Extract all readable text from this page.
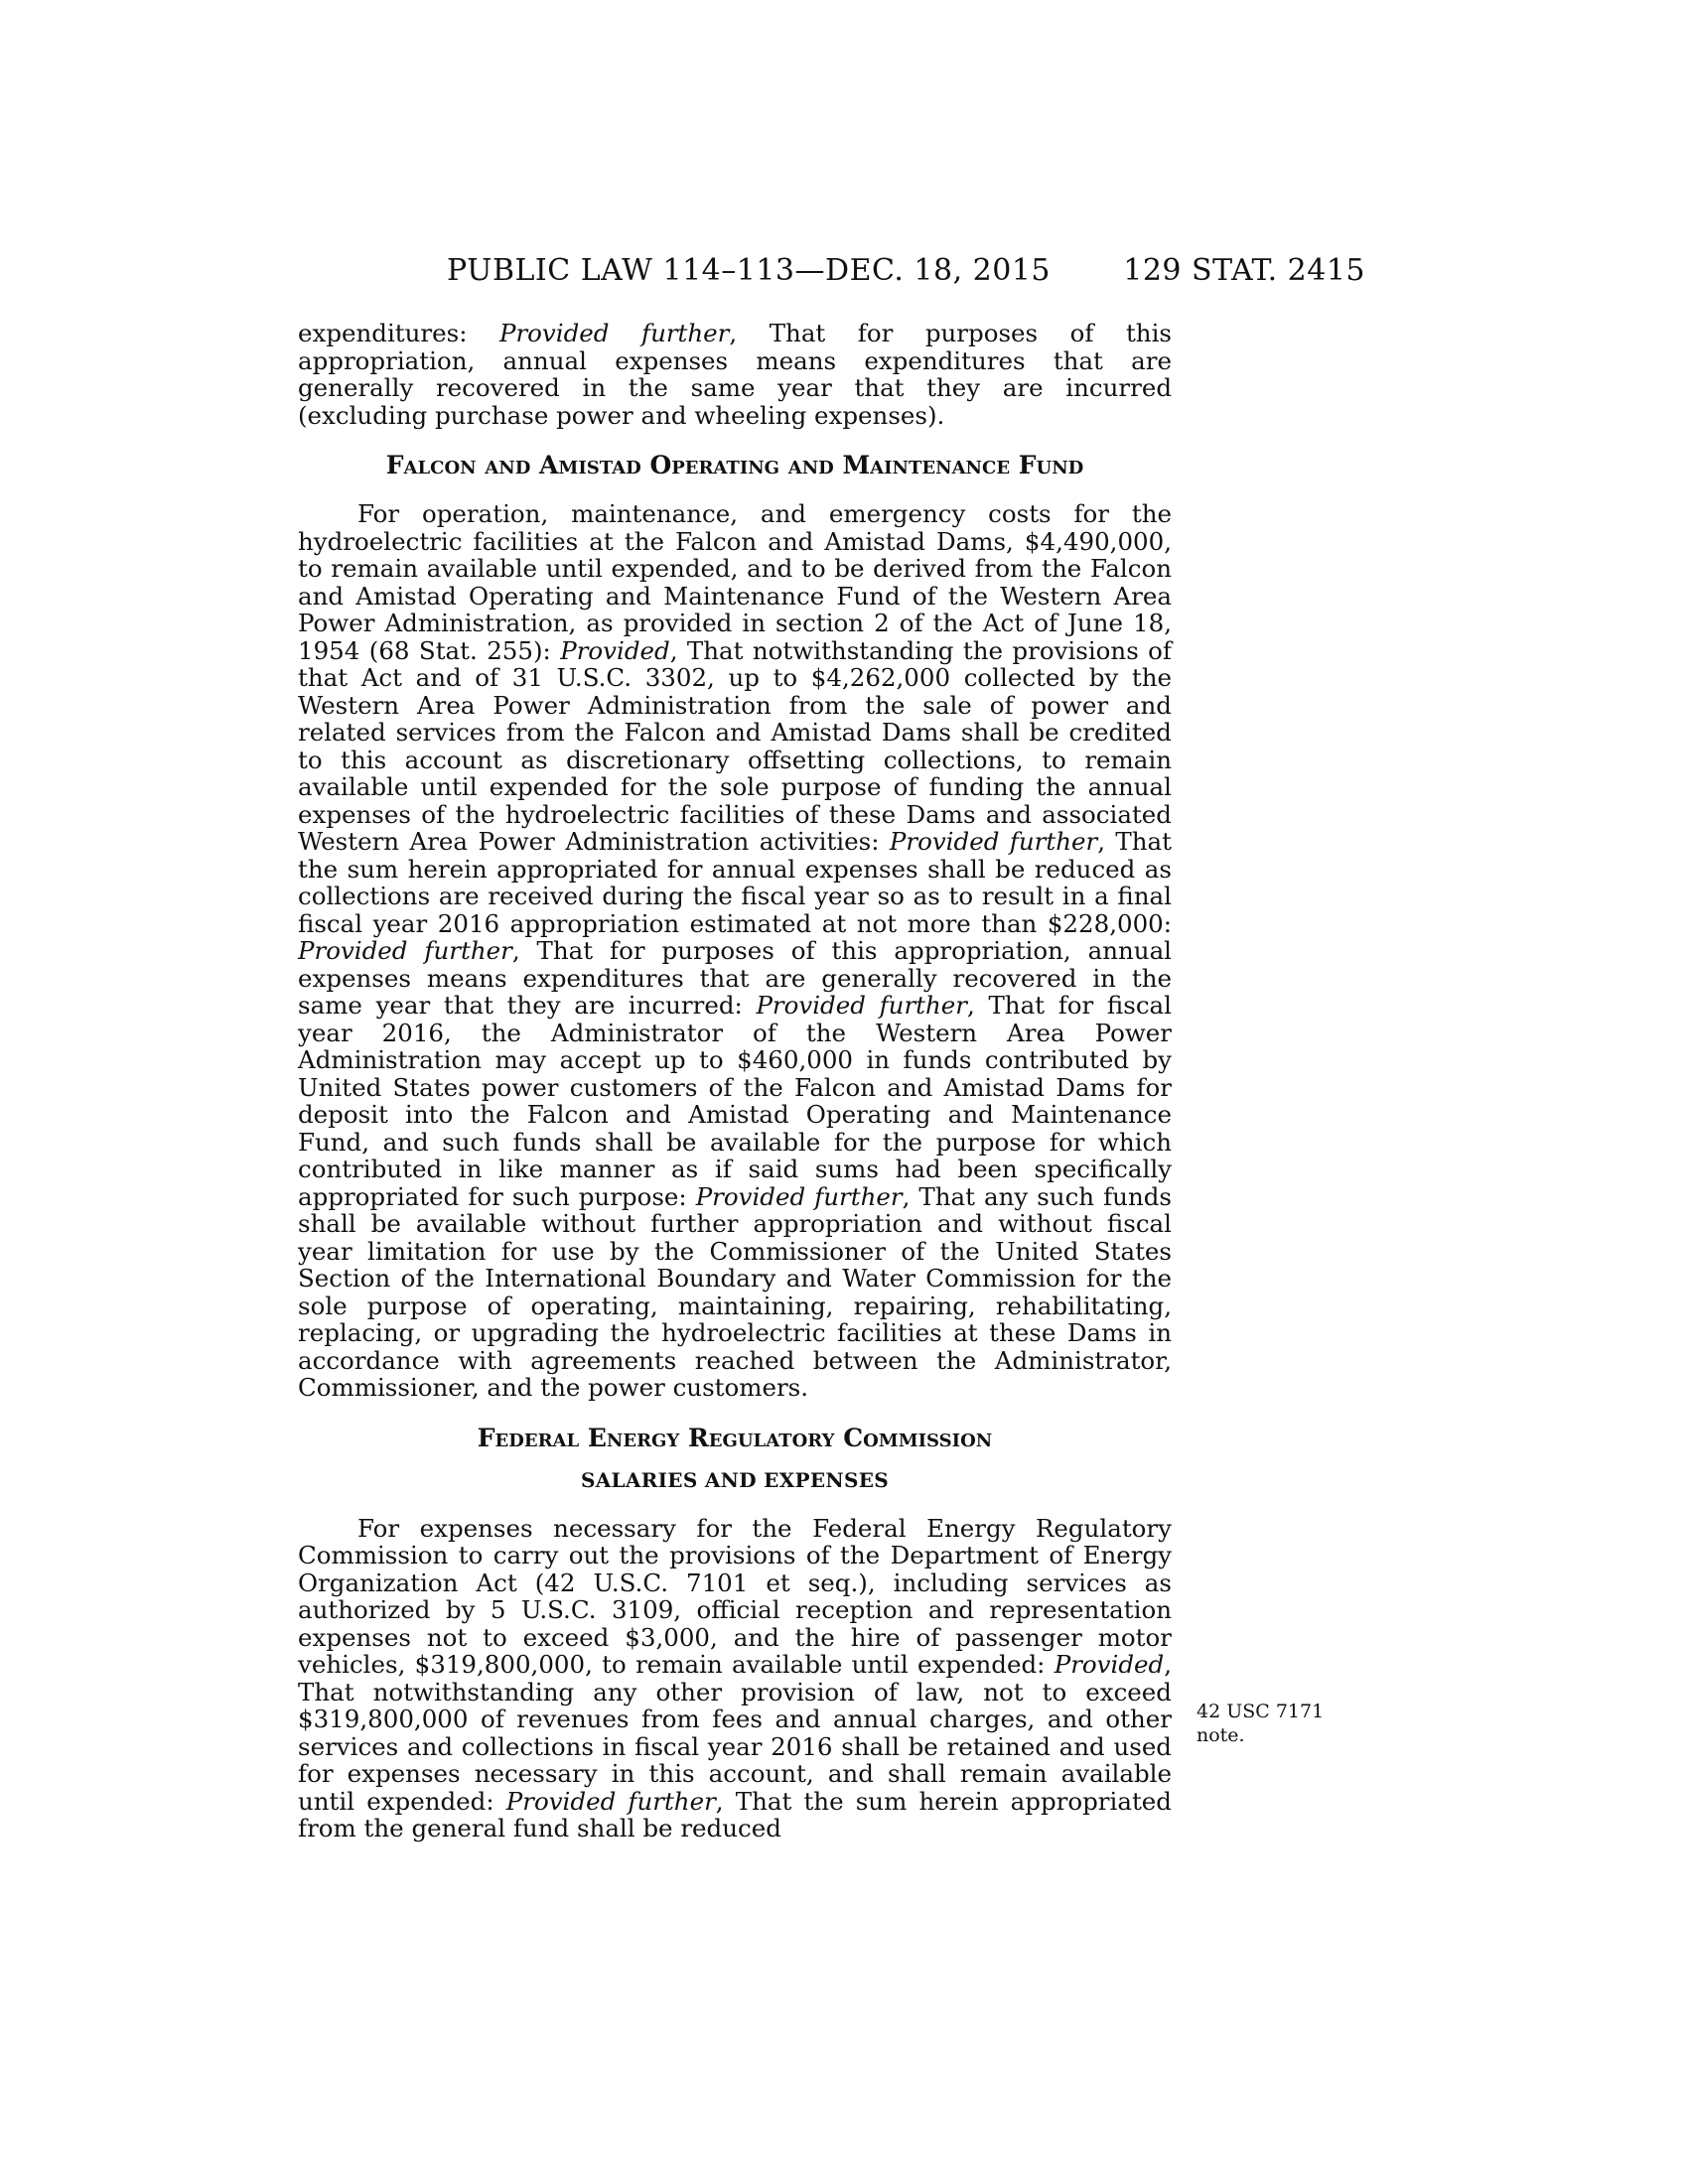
PUBLIC LAW 114–113—DEC. 18, 2015 129 STAT. 2415

expenditures: Provided further, That for purposes of this appropriation, annual expenses means expenditures that are generally recovered in the same year that they are incurred (excluding purchase power and wheeling expenses).

Falcon and Amistad Operating and Maintenance Fund

For operation, maintenance, and emergency costs for the hydroelectric facilities at the Falcon and Amistad Dams, $4,490,000, to remain available until expended, and to be derived from the Falcon and Amistad Operating and Maintenance Fund of the Western Area Power Administration, as provided in section 2 of the Act of June 18, 1954 (68 Stat. 255): Provided, That notwithstanding the provisions of that Act and of 31 U.S.C. 3302, up to $4,262,000 collected by the Western Area Power Administration from the sale of power and related services from the Falcon and Amistad Dams shall be credited to this account as discretionary offsetting collections, to remain available until expended for the sole purpose of funding the annual expenses of the hydroelectric facilities of these Dams and associated Western Area Power Administration activities: Provided further, That the sum herein appropriated for annual expenses shall be reduced as collections are received during the fiscal year so as to result in a final fiscal year 2016 appropriation estimated at not more than $228,000: Provided further, That for purposes of this appropriation, annual expenses means expenditures that are generally recovered in the same year that they are incurred: Provided further, That for fiscal year 2016, the Administrator of the Western Area Power Administration may accept up to $460,000 in funds contributed by United States power customers of the Falcon and Amistad Dams for deposit into the Falcon and Amistad Operating and Maintenance Fund, and such funds shall be available for the purpose for which contributed in like manner as if said sums had been specifically appropriated for such purpose: Provided further, That any such funds shall be available without further appropriation and without fiscal year limitation for use by the Commissioner of the United States Section of the International Boundary and Water Commission for the sole purpose of operating, maintaining, repairing, rehabilitating, replacing, or upgrading the hydroelectric facilities at these Dams in accordance with agreements reached between the Administrator, Commissioner, and the power customers.

Federal Energy Regulatory Commission
SALARIES AND EXPENSES

For expenses necessary for the Federal Energy Regulatory Commission to carry out the provisions of the Department of Energy Organization Act (42 U.S.C. 7101 et seq.), including services as authorized by 5 U.S.C. 3109, official reception and representation expenses not to exceed $3,000, and the hire of passenger motor vehicles, $319,800,000, to remain available until expended: Provided, That notwithstanding any other provision of law, not to exceed $319,800,000 of revenues from fees and annual charges, and other services and collections in fiscal year 2016 shall be retained and used for expenses necessary in this account, and shall remain available until expended: Provided further, That the sum herein appropriated from the general fund shall be reduced

42 USC 7171
note.
